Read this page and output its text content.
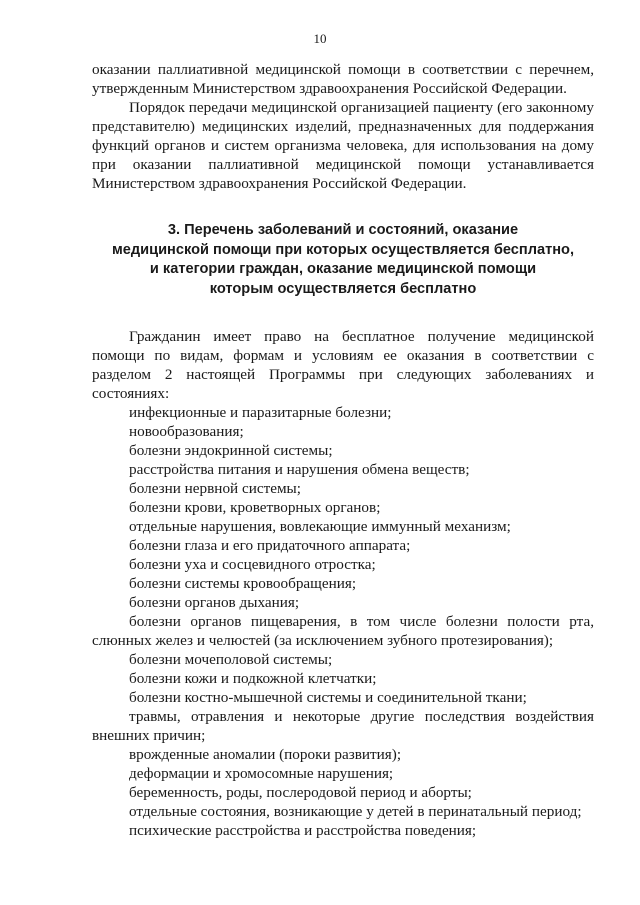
10

оказании паллиативной медицинской помощи в соответствии с перечнем, утвержденным Министерством здравоохранения Российской Федерации.

Порядок передачи медицинской организацией пациенту (его законному представителю) медицинских изделий, предназначенных для поддержания функций органов и систем организма человека, для использования на дому при оказании паллиативной медицинской помощи устанавливается Министерством здравоохранения Российской Федерации.

3. Перечень заболеваний и состояний, оказание
медицинской помощи при которых осуществляется бесплатно,
и категории граждан, оказание медицинской помощи
которым осуществляется бесплатно

Гражданин имеет право на бесплатное получение медицинской помощи по видам, формам и условиям ее оказания в соответствии с разделом 2 настоящей Программы при следующих заболеваниях и состояниях:

инфекционные и паразитарные болезни;
новообразования;
болезни эндокринной системы;
расстройства питания и нарушения обмена веществ;
болезни нервной системы;
болезни крови, кроветворных органов;
отдельные нарушения, вовлекающие иммунный механизм;
болезни глаза и его придаточного аппарата;
болезни уха и сосцевидного отростка;
болезни системы кровообращения;
болезни органов дыхания;
болезни органов пищеварения, в том числе болезни полости рта, слюнных желез и челюстей (за исключением зубного протезирования);
болезни мочеполовой системы;
болезни кожи и подкожной клетчатки;
болезни костно-мышечной системы и соединительной ткани;
травмы, отравления и некоторые другие последствия воздействия внешних причин;
врожденные аномалии (пороки развития);
деформации и хромосомные нарушения;
беременность, роды, послеродовой период и аборты;
отдельные состояния, возникающие у детей в перинатальный период;
психические расстройства и расстройства поведения;
